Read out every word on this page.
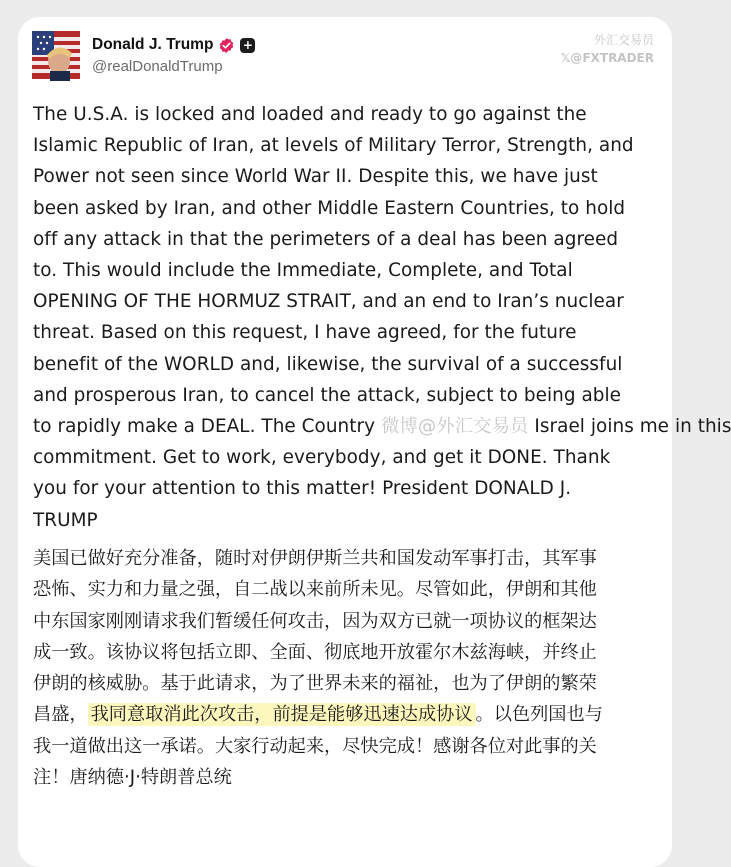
Donald J. Trump +
@realDonaldTrump
外汇交易员
𝕏@FXTRADER
The U.S.A. is locked and loaded and ready to go against the
Islamic Republic of Iran, at levels of Military Terror, Strength, and
Power not seen since World War II. Despite this, we have just
been asked by Iran, and other Middle Eastern Countries, to hold
off any attack in that the perimeters of a deal has been agreed
to. This would include the Immediate, Complete, and Total
OPENING OF THE HORMUZ STRAIT, and an end to Iran’s nuclear
threat. Based on this request, I have agreed, for the future
benefit of the WORLD and, likewise, the survival of a successful
and prosperous Iran, to cancel the attack, subject to being able
to rapidly make a DEAL. The Country 微博@外汇交易员 Israel joins me in this
commitment. Get to work, everybody, and get it DONE. Thank
you for your attention to this matter! President DONALD J.
TRUMP
美国已做好充分准备，随时对伊朗伊斯兰共和国发动军事打击，其军事
恐怖、实力和力量之强，自二战以来前所未见。尽管如此，伊朗和其他
中东国家刚刚请求我们暂缓任何攻击，因为双方已就一项协议的框架达
成一致。该协议将包括立即、全面、彻底地开放霍尔木兹海峡，并终止
伊朗的核威胁。基于此请求，为了世界未来的福祉，也为了伊朗的繁荣
昌盛， 我同意取消此次攻击，前提是能够迅速达成协议 。以色列国也与
我一道做出这一承诺。大家行动起来，尽快完成！感谢各位对此事的关
注！唐纳德·J·特朗普总统
